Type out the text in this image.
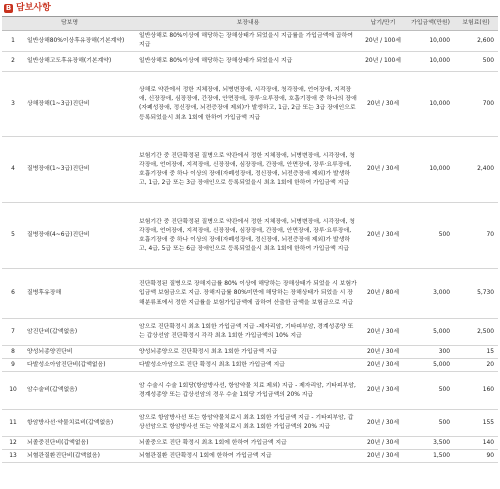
B 담보사항
담보명		보장내용	납기/만기	가입금액(만원)	보험료(원)
1	일반상해80%이상후유장해(기본계약)	일반상해로 80%이상에 해당하는 장해상태가 되었을시 지급률을 가입금액에 곱하여 지급	20년 / 100세	10,000	2,600
2	일반상해고도후유장해(기본계약)	일반상해로 80%이상에 해당하는 장해상태가 되었을시 지급	20년 / 100세	10,000	500
3	상해장해(1~3급)진단비	상해로 약관에서 정한 지체장애, 뇌병변장애, 시각장애, 청각장애, 언어장애, 지적장애, 신장장애, 심장장애, 간장애, 안면장애, 장루·요루장애, 호흡기장애 중 하나의 장애(자폐성장애, 정신장애, 뇌전증장애 제외)가 발생하고, 1급, 2급 또는 3급 장애인으로 등록되었을시 최초 1회에 한하여 가입금액 지급	20년 / 30세	10,000	700
4	질병장애(1~3급)진단비	보험기간 중 진단확정된 질병으로 약관에서 정한 지체장애, 뇌병변장애, 시각장애, 청각장애, 언어장애, 지적장애, 신장장애, 심장장애, 간장애, 안면장애, 장루·요루장애, 호흡기장애 중 하나 이상의 장애(자폐성장애, 정신장애, 뇌전증장애 제외)가 발생하고, 1급, 2급 또는 3급 장애인으로 등록되었을시 최초 1회에 한하여 가입금액 지급	20년 / 30세	10,000	2,400
5	질병장애(4~6급)진단비	보험기간 중 진단확정된 질병으로 약관에서 정한 지체장애, 뇌병변장애, 시각장애, 청각장애, 언어장애, 지적장애, 신장장애, 심장장애, 간장애, 안면장애, 장루·요루장애, 호흡기장애 중 하나 이상의 장애(자폐성장애, 정신장애, 뇌전증장애 제외)가 발생하고, 4급, 5급 또는 6급 장애인으로 등록되었을시 최초 1회에 한하여 가입금액 지급	20년 / 30세	500	70
6	질병후유장해	진단확정된 질병으로 장해지급률 80% 이상에 해당하는 장해상태가 되었을 시 보험가입금액 보험금으로 지급. 장해지급률 80%미만에 해당하는 장해상태가 되었을 시 장해분류표에서 정한 지급률을 보험가입금액에 곱하여 산출한 금액을 보험금으로 지급	20년 / 80세	3,000	5,730
7	암진단비(갑액없음)	암으로 진단확정시 최초 1회한 가입금액 지급 -제자리암, 기타피부암, 경계성종양 또는 갑상선암 진단확정시 각각 최초 1회한 가입금액의 10% 지급	20년 / 30세	5,000	2,500
8	양성뇌종양진단비	양성뇌종양으로 진단확정시 최초 1회한 가입금액 지급	20년 / 30세	300	15
9	다발성소아암진단비(갑액없음)	다발성소아암으로 진단 확정시 최초 1회한 가입금액 지급	20년 / 30세	5,000	20
10	암수술비(갑액없음)	암 수술시 수술 1회당(항암방사선, 항암약물 치료 제외) 지급 - 제자리암, 기타피부암, 경계성종양 또는 갑상선암의 경우 수술 1회당 가입금액의 20% 지급	20년 / 30세	500	160
11	항암방사선·약물치료비(갑액없음)	암으로 항암방사선 또는 항암약물치료시 최초 1회한 가입금액 지급 - 기타피부암, 갑상선암으로 항암방사선 또는 약물치료시 최초 1회한 가입금액의 20% 지급	20년 / 30세	500	155
12	뇌졸중진단비(갑액없음)	뇌졸중으로 진단 확정시 최초 1회에 한하여 가입금액 지급	20년 / 30세	3,500	140
13	뇌혈관질환진단비(갑액없음)	뇌혈관질환 진단확정시 1회에 한하여 가입금액 지급	20년 / 30세	1,500	90
